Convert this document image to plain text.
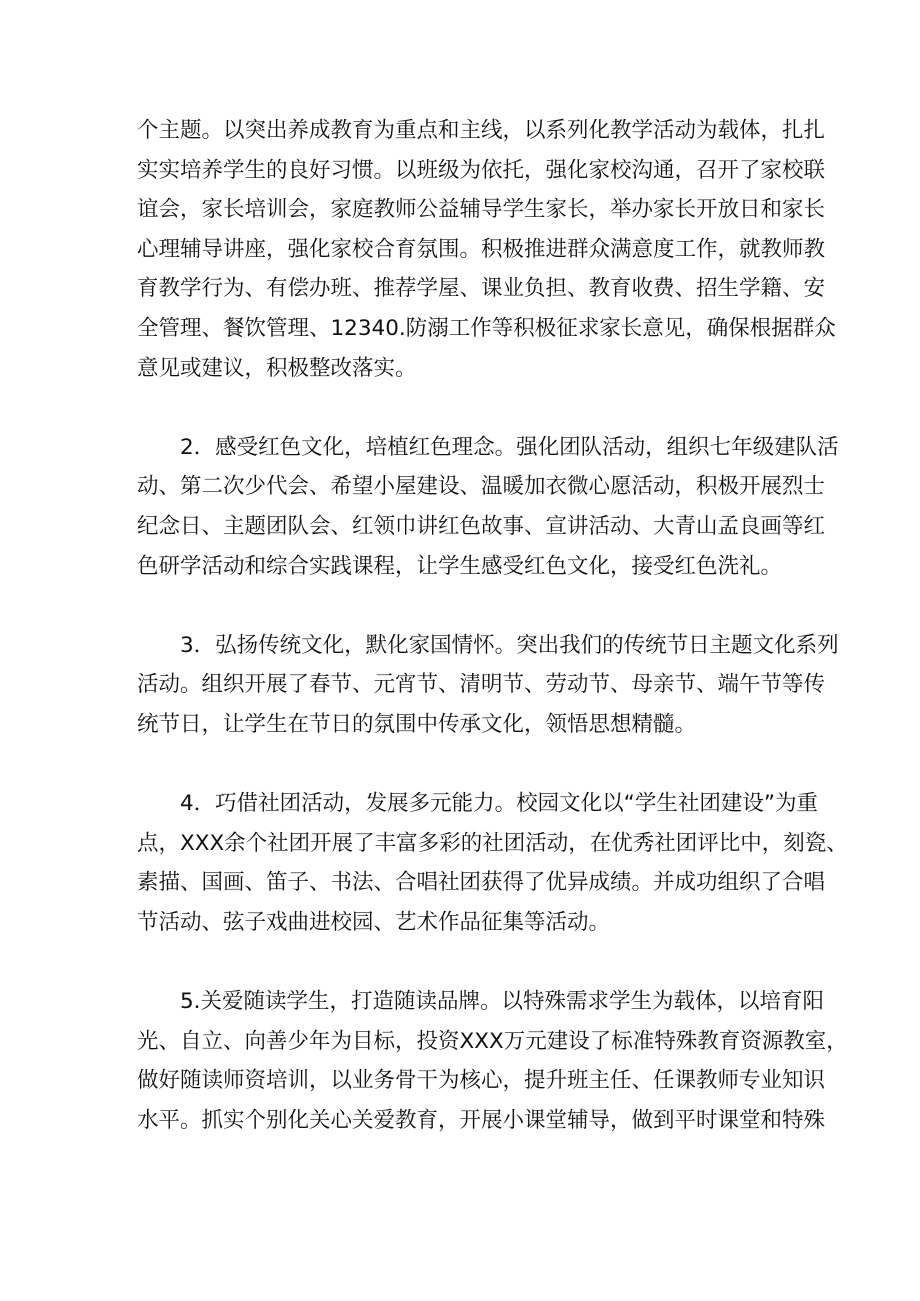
个主题。以突出养成教育为重点和主线，以系列化教学活动为载体，扎扎
实实培养学生的良好习惯。以班级为依托，强化家校沟通，召开了家校联
谊会，家长培训会，家庭教师公益辅导学生家长，举办家长开放日和家长
心理辅导讲座，强化家校合育氛围。积极推进群众满意度工作，就教师教
育教学行为、有偿办班、推荐学屋、课业负担、教育收费、招生学籍、安
全管理、餐饮管理、12340.防溺工作等积极征求家长意见，确保根据群众
意见或建议，积极整改落实。
2．感受红色文化，培植红色理念。强化团队活动，组织七年级建队活
动、第二次少代会、希望小屋建设、温暖加衣微心愿活动，积极开展烈士
纪念日、主题团队会、红领巾讲红色故事、宣讲活动、大青山孟良画等红
色研学活动和综合实践课程，让学生感受红色文化，接受红色洗礼。
3．弘扬传统文化，默化家国情怀。突出我们的传统节日主题文化系列
活动。组织开展了春节、元宵节、清明节、劳动节、母亲节、端午节等传
统节日，让学生在节日的氛围中传承文化，领悟思想精髓。
4．巧借社团活动，发展多元能力。校园文化以“学生社团建设”为重
点，XXX余个社团开展了丰富多彩的社团活动，在优秀社团评比中，刻瓷、
素描、国画、笛子、书法、合唱社团获得了优异成绩。并成功组织了合唱
节活动、弦子戏曲进校园、艺术作品征集等活动。
5.关爱随读学生，打造随读品牌。以特殊需求学生为载体，以培育阳
光、自立、向善少年为目标，投资XXX万元建设了标准特殊教育资源教室，
做好随读师资培训，以业务骨干为核心，提升班主任、任课教师专业知识
水平。抓实个别化关心关爱教育，开展小课堂辅导，做到平时课堂和特殊
